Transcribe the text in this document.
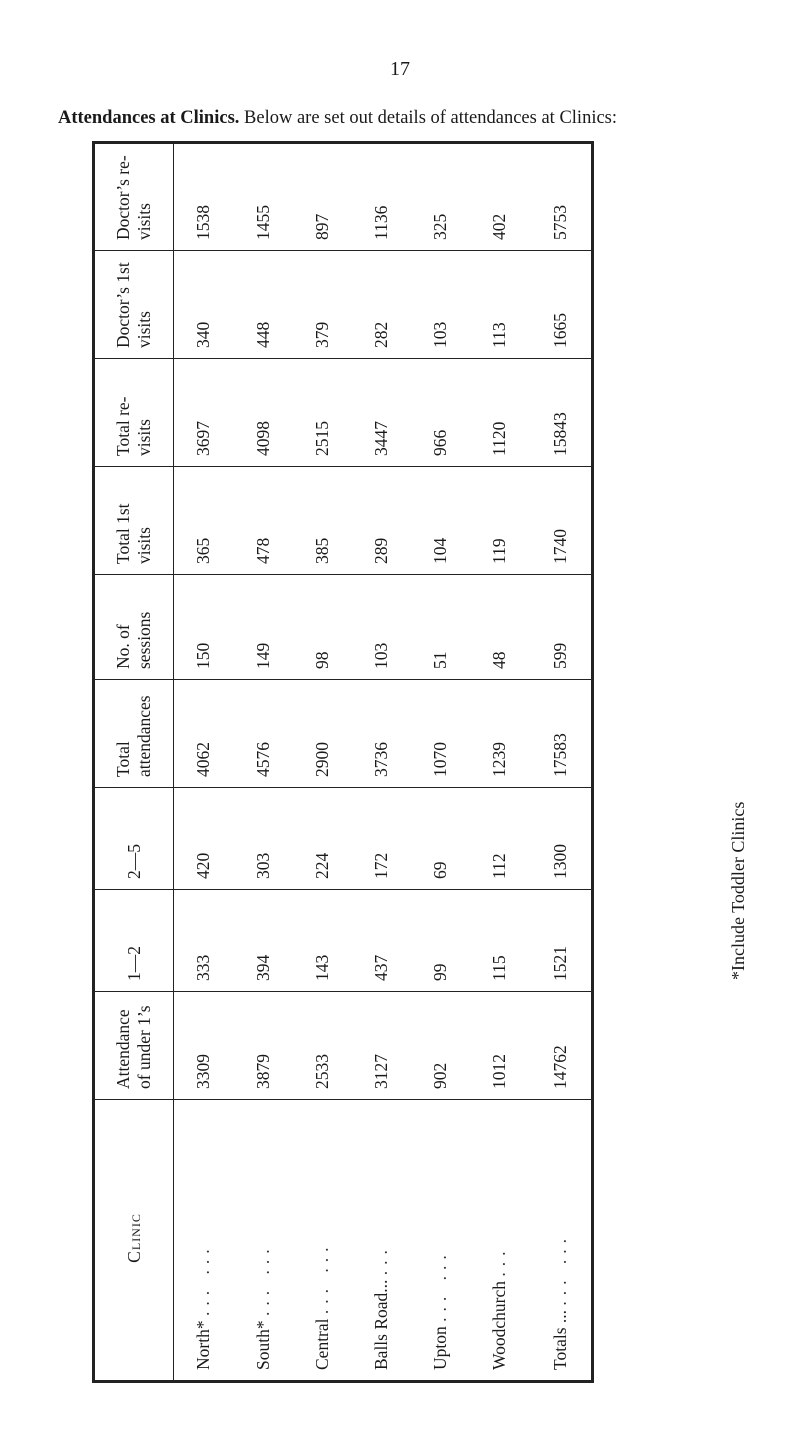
17
Attendances at Clinics. Below are set out details of attendances at Clinics:
Clinic	Attendance of under 1’s	1—2	2—5	Total attendances	No. of sessions	Total 1st visits	Total re-visits	Doctor’s 1st visits	Doctor’s re-visits
North* ... ...	3309	333	420	4062	150	365	3697	340	1538
South* ... ...	3879	394	303	4576	149	478	4098	448	1455
Central ... ...	2533	143	224	2900	98	385	2515	379	897
Balls Road... ...	3127	437	172	3736	103	289	3447	282	1136
Upton ... ...	902	99	69	1070	51	104	966	103	325
Woodchurch ...	1012	115	112	1239	48	119	1120	113	402
Totals ... ... ...	14762	1521	1300	17583	599	1740	15843	1665	5753
*Include Toddler Clinics
